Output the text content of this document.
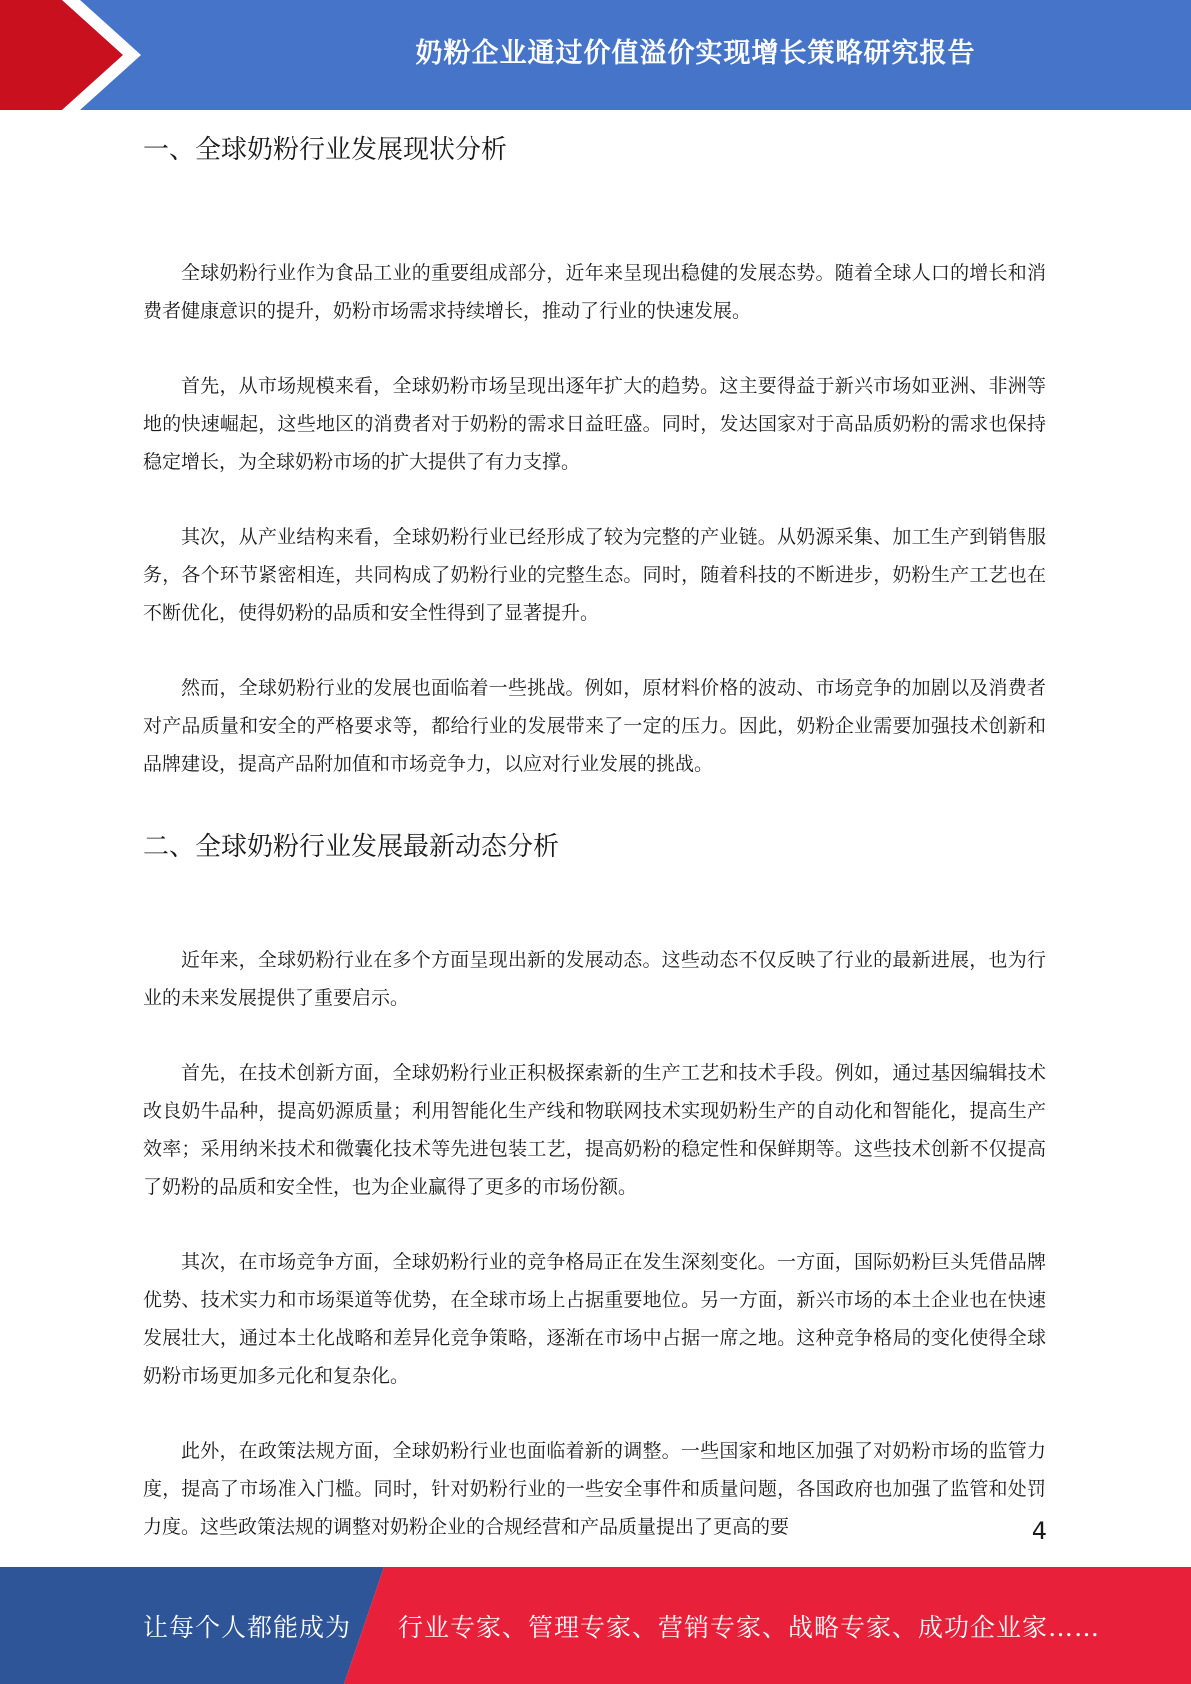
奶粉企业通过价值溢价实现增长策略研究报告
一、全球奶粉行业发展现状分析

全球奶粉行业作为食品工业的重要组成部分，近年来呈现出稳健的发展态势。随着全球人口的增长和消费者健康意识的提升，奶粉市场需求持续增长，推动了行业的快速发展。

首先，从市场规模来看，全球奶粉市场呈现出逐年扩大的趋势。这主要得益于新兴市场如亚洲、非洲等地的快速崛起，这些地区的消费者对于奶粉的需求日益旺盛。同时，发达国家对于高品质奶粉的需求也保持稳定增长，为全球奶粉市场的扩大提供了有力支撑。

其次，从产业结构来看，全球奶粉行业已经形成了较为完整的产业链。从奶源采集、加工生产到销售服务，各个环节紧密相连，共同构成了奶粉行业的完整生态。同时，随着科技的不断进步，奶粉生产工艺也在不断优化，使得奶粉的品质和安全性得到了显著提升。

然而，全球奶粉行业的发展也面临着一些挑战。例如，原材料价格的波动、市场竞争的加剧以及消费者对产品质量和安全的严格要求等，都给行业的发展带来了一定的压力。因此，奶粉企业需要加强技术创新和品牌建设，提高产品附加值和市场竞争力，以应对行业发展的挑战。

二、全球奶粉行业发展最新动态分析

近年来，全球奶粉行业在多个方面呈现出新的发展动态。这些动态不仅反映了行业的最新进展，也为行业的未来发展提供了重要启示。

首先，在技术创新方面，全球奶粉行业正积极探索新的生产工艺和技术手段。例如，通过基因编辑技术改良奶牛品种，提高奶源质量；利用智能化生产线和物联网技术实现奶粉生产的自动化和智能化，提高生产效率；采用纳米技术和微囊化技术等先进包装工艺，提高奶粉的稳定性和保鲜期等。这些技术创新不仅提高了奶粉的品质和安全性，也为企业赢得了更多的市场份额。

其次，在市场竞争方面，全球奶粉行业的竞争格局正在发生深刻变化。一方面，国际奶粉巨头凭借品牌优势、技术实力和市场渠道等优势，在全球市场上占据重要地位。另一方面，新兴市场的本土企业也在快速发展壮大，通过本土化战略和差异化竞争策略，逐渐在市场中占据一席之地。这种竞争格局的变化使得全球奶粉市场更加多元化和复杂化。

此外，在政策法规方面，全球奶粉行业也面临着新的调整。一些国家和地区加强了对奶粉市场的监管力度，提高了市场准入门槛。同时，针对奶粉行业的一些安全事件和质量问题，各国政府也加强了监管和处罚力度。这些政策法规的调整对奶粉企业的合规经营和产品质量提出了更高的要	4
让每个人都能成为 行业专家、管理专家、营销专家、战略专家、成功企业家……
